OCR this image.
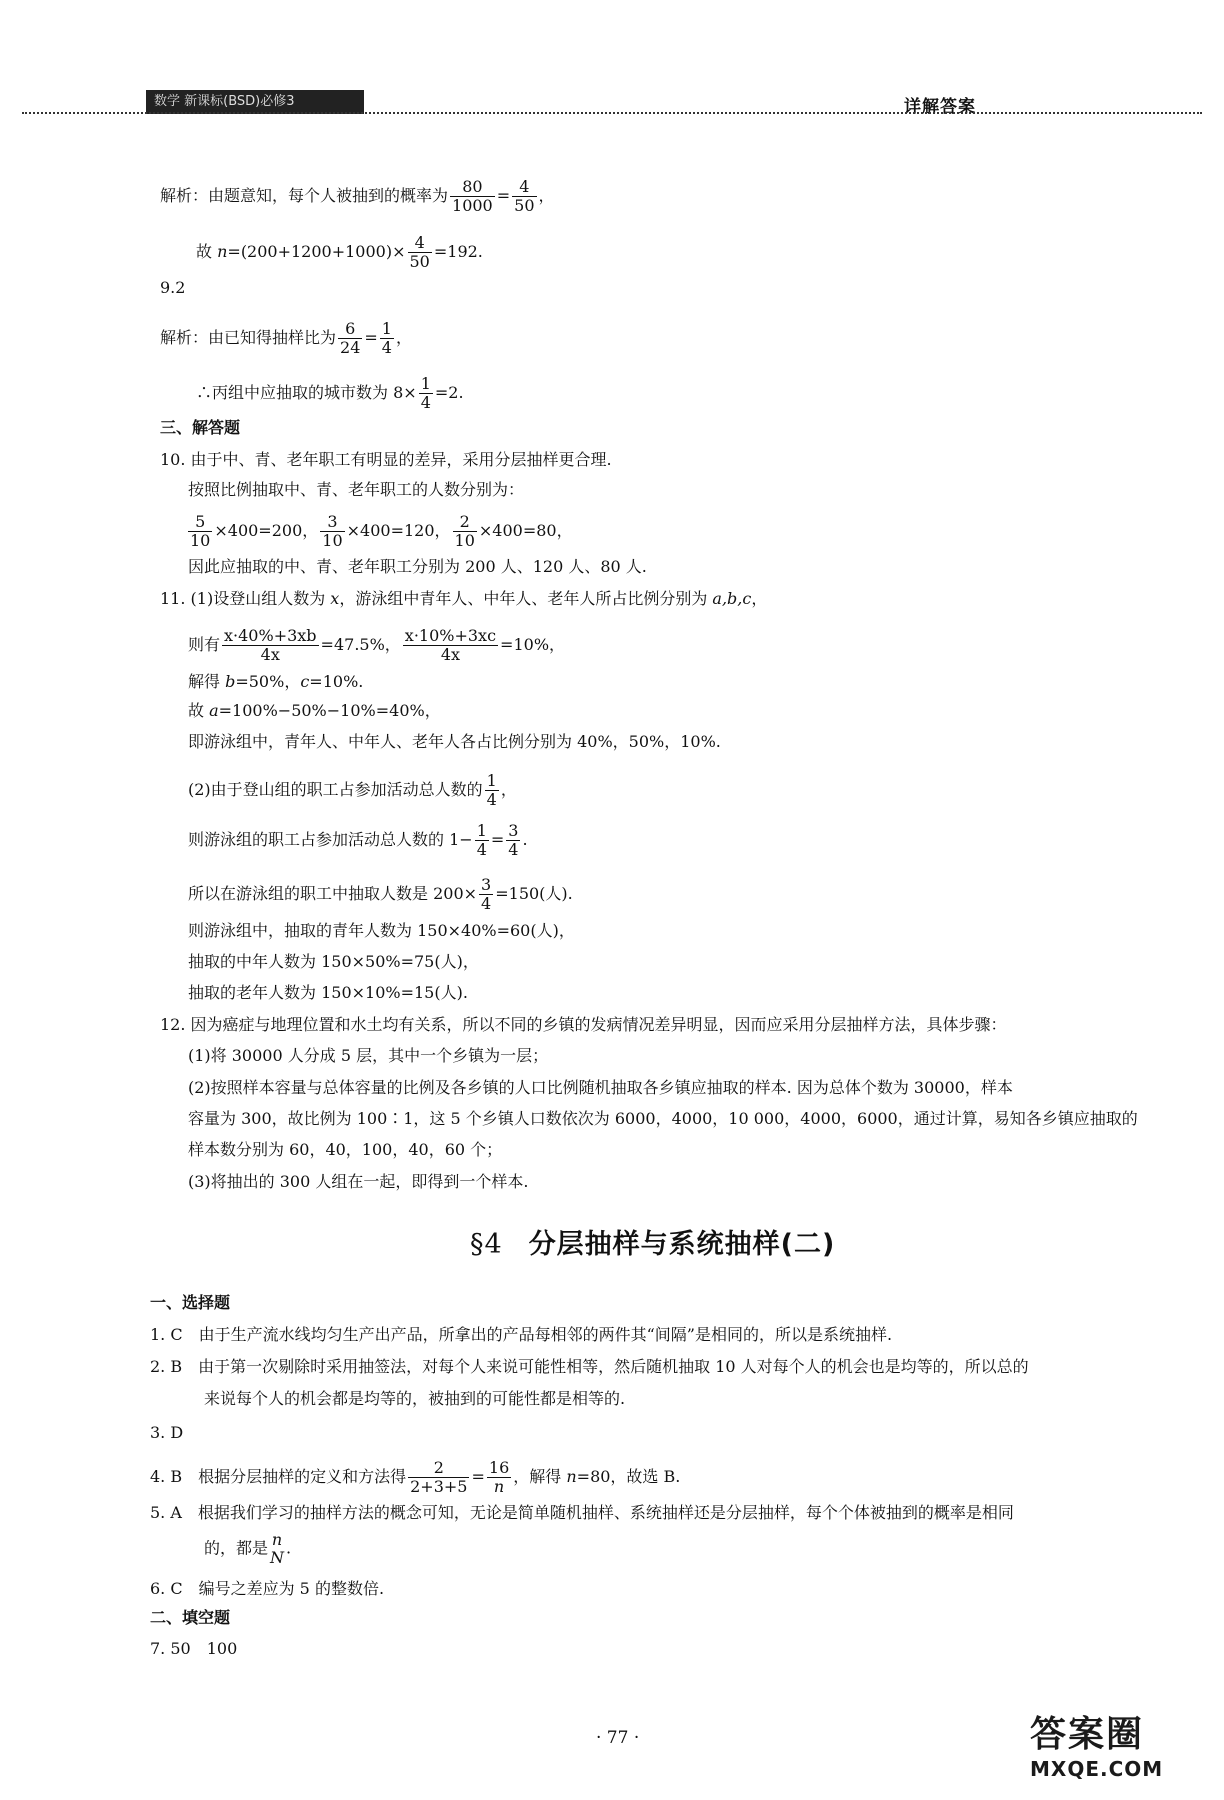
数学 新课标(BSD)必修3	详解答案
解析：由题意知，每个人被抽到的概率为 $\frac{80}{1000} = \frac{4}{50}$ ，
故 $n=(200+1200+1000)\times \frac{4}{50} =192$.
9.2
解析：由已知得抽样比为 $\frac{6}{24} = \frac{1}{4}$ ，
∴丙组中应抽取的城市数为 $8\times \frac{1}{4} =2$.
三、解答题
10. 由于中、青、老年职工有明显的差异，采用分层抽样更合理.
按照比例抽取中、青、老年职工的人数分别为：
$\frac{5}{10} \times 400=200$， $\frac{3}{10} \times 400=120$， $\frac{2}{10} \times 400=80$，
因此应抽取的中、青、老年职工分别为 200 人、120 人、80 人.
11. (1)设登山组人数为 x，游泳组中青年人、中年人、老年人所占比例分别为 a,b,c，
则有 $\frac{x\cdot 40\%+3xb}{4x} =47.5\%$， $\frac{x\cdot 10\%+3xc}{4x} =10\%$，
解得 b=50%，c=10%.
故 a=100%−50%−10%=40%，
即游泳组中，青年人、中年人、老年人各占比例分别为 40%，50%，10%.
(2)由于登山组的职工占参加活动总人数的 $\frac{1}{4}$ ，
则游泳组的职工占参加活动总人数的 $1- \frac{1}{4} = \frac{3}{4}$ .
所以在游泳组的职工中抽取人数是 $200\times \frac{3}{4} =150$(人).
则游泳组中，抽取的青年人数为 150×40%=60(人)，
抽取的中年人数为 150×50%=75(人)，
抽取的老年人数为 150×10%=15(人).
12. 因为癌症与地理位置和水土均有关系，所以不同的乡镇的发病情况差异明显，因而应采用分层抽样方法，具体步骤：
(1)将 30000 人分成 5 层，其中一个乡镇为一层；
(2)按照样本容量与总体容量的比例及各乡镇的人口比例随机抽取各乡镇应抽取的样本. 因为总体个数为 30000，样本
容量为 300，故比例为 100∶1，这 5 个乡镇人口数依次为 6000，4000，10 000，4000，6000，通过计算，易知各乡镇应抽取的
样本数分别为 60，40，100，40，60 个；
(3)将抽出的 300 人组在一起，即得到一个样本.
§4 分层抽样与系统抽样(二)
一、选择题
1. C　由于生产流水线均匀生产出产品，所拿出的产品每相邻的两件其“间隔”是相同的，所以是系统抽样.
2. B　由于第一次剔除时采用抽签法，对每个人来说可能性相等，然后随机抽取 10 人对每个人的机会也是均等的，所以总的
来说每个人的机会都是均等的，被抽到的可能性都是相等的.
3. D
4. B　根据分层抽样的定义和方法得 $\frac{2}{2+3+5} = \frac{16}{n}$ ，解得 n=80，故选 B.
5. A　根据我们学习的抽样方法的概念可知，无论是简单随机抽样、系统抽样还是分层抽样，每个个体被抽到的概率是相同
的，都是 n
N .
6. C　编号之差应为 5 的整数倍.
二、填空题
7. 50　100
· 77 ·	答案圈
MXQE.COM
